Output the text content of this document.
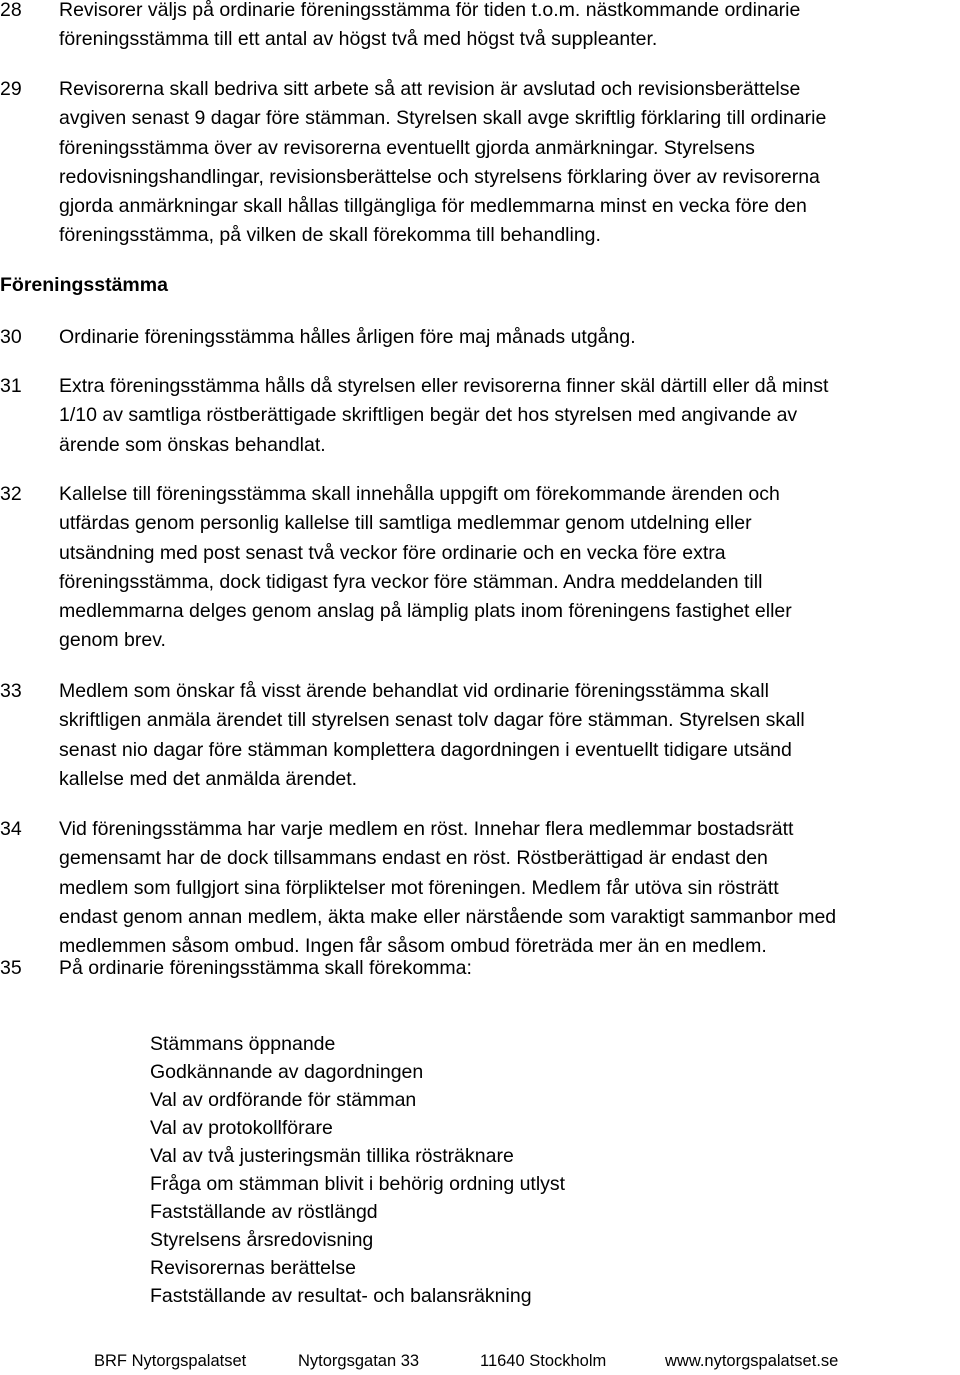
28 Revisorer väljs på ordinarie föreningsstämma för tiden t.o.m. nästkommande ordinarie
föreningsstämma till ett antal av högst två med högst två suppleanter.
29 Revisorerna skall bedriva sitt arbete så att revision är avslutad och revisionsberättelse
avgiven senast 9 dagar före stämman. Styrelsen skall avge skriftlig förklaring till ordinarie
föreningsstämma över av revisorerna eventuellt gjorda anmärkningar. Styrelsens
redovisningshandlingar, revisionsberättelse och styrelsens förklaring över av revisorerna
gjorda anmärkningar skall hållas tillgängliga för medlemmarna minst en vecka före den
föreningsstämma, på vilken de skall förekomma till behandling.
Föreningsstämma
30 Ordinarie föreningsstämma hålles årligen före maj månads utgång.
31 Extra föreningsstämma hålls då styrelsen eller revisorerna finner skäl därtill eller då minst
1/10 av samtliga röstberättigade skriftligen begär det hos styrelsen med angivande av
ärende som önskas behandlat.
32 Kallelse till föreningsstämma skall innehålla uppgift om förekommande ärenden och
utfärdas genom personlig kallelse till samtliga medlemmar genom utdelning eller
utsändning med post senast två veckor före ordinarie och en vecka före extra
föreningsstämma, dock tidigast fyra veckor före stämman. Andra meddelanden till
medlemmarna delges genom anslag på lämplig plats inom föreningens fastighet eller
genom brev.
33 Medlem som önskar få visst ärende behandlat vid ordinarie föreningsstämma skall
skriftligen anmäla ärendet till styrelsen senast tolv dagar före stämman. Styrelsen skall
senast nio dagar före stämman komplettera dagordningen i eventuellt tidigare utsänd
kallelse med det anmälda ärendet.
34 Vid föreningsstämma har varje medlem en röst. Innehar flera medlemmar bostadsrätt
gemensamt har de dock tillsammans endast en röst. Röstberättigad är endast den
medlem som fullgjort sina förpliktelser mot föreningen. Medlem får utöva sin rösträtt
endast genom annan medlem, äkta make eller närstående som varaktigt sammanbor med
medlemmen såsom ombud. Ingen får såsom ombud företräda mer än en medlem.
35 På ordinarie föreningsstämma skall förekomma:
Stämmans öppnande
Godkännande av dagordningen
Val av ordförande för stämman
Val av protokollförare
Val av två justeringsmän tillika rösträknare
Fråga om stämman blivit i behörig ordning utlyst
Fastställande av röstlängd
Styrelsens årsredovisning
Revisorernas berättelse
Fastställande av resultat- och balansräkning
BRF Nytorgspalatset	Nytorgsgatan 33	11640 Stockholm	www.nytorgspalatset.se
